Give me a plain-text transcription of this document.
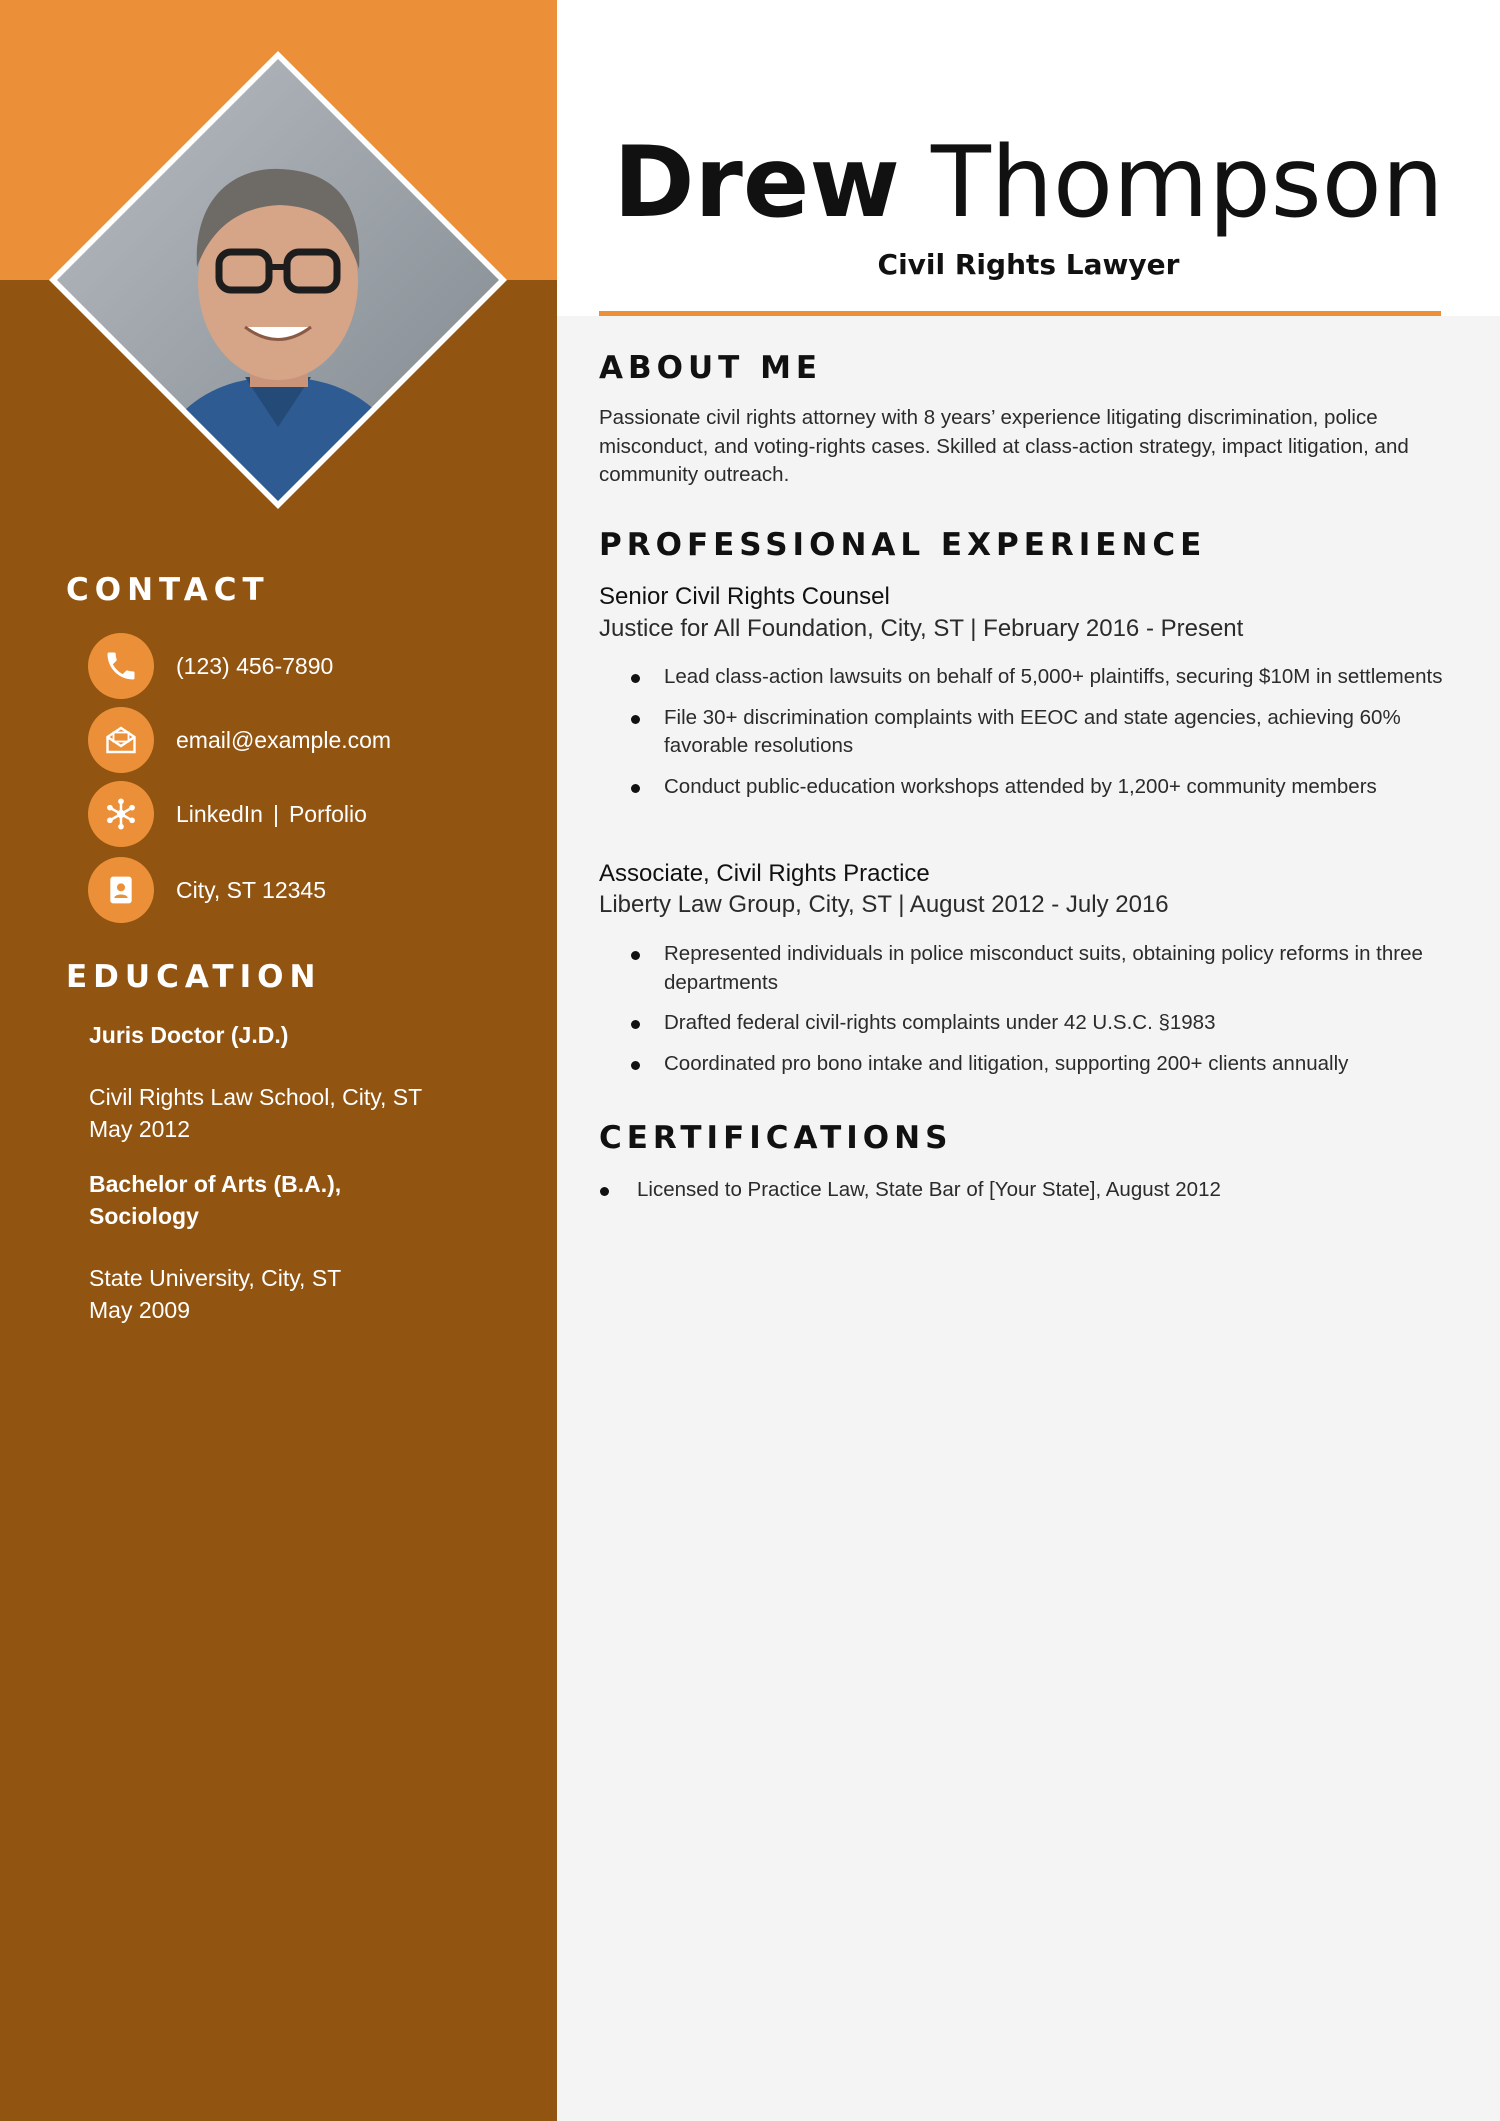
CONTACT
(123) 456-7890
email@example.com
LinkedIn | Porfolio
City, ST 12345
EDUCATION
Juris Doctor (J.D.)
Civil Rights Law School, City, ST
May 2012
Bachelor of Arts (B.A.),
Sociology
State University, City, ST
May 2009
Drew Thompson
Civil Rights Lawyer
ABOUT ME
Passionate civil rights attorney with 8 years’ experience litigating discrimination, police misconduct, and voting-rights cases. Skilled at class-action strategy, impact litigation, and community outreach.
PROFESSIONAL EXPERIENCE
Senior Civil Rights Counsel
Justice for All Foundation, City, ST | February 2016 - Present
Lead class-action lawsuits on behalf of 5,000+ plaintiffs, securing $10M in settlements
File 30+ discrimination complaints with EEOC and state agencies, achieving 60% favorable resolutions
Conduct public-education workshops attended by 1,200+ community members
Associate, Civil Rights Practice
Liberty Law Group, City, ST | August 2012 - July 2016
Represented individuals in police misconduct suits, obtaining policy reforms in three departments
Drafted federal civil-rights complaints under 42 U.S.C. §1983
Coordinated pro bono intake and litigation, supporting 200+ clients annually
CERTIFICATIONS
Licensed to Practice Law, State Bar of [Your State], August 2012
